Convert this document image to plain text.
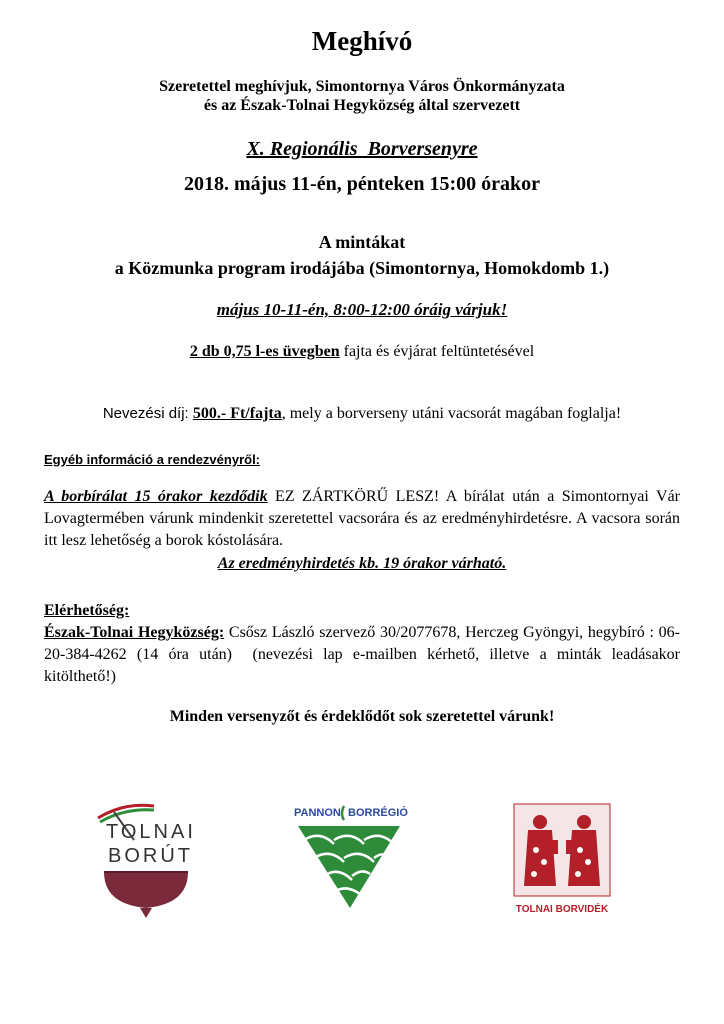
Meghívó
Szeretettel meghívjuk, Simontornya Város Önkormányzata
és az Észak-Tolnai Hegyközség által szervezett
X. Regionális  Borversenyre
2018. május 11-én, pénteken 15:00 órakor
A mintákat
a Közmunka program irodájába (Simontornya, Homokdomb 1.)
május 10-11-én, 8:00-12:00 óráig várjuk!
2 db 0,75 l-es üvegben fajta és évjárat feltüntetésével
Nevezési díj: 500.- Ft/fajta, mely a borverseny utáni vacsorát magában foglalja!
Egyéb információ a rendezvényről:
A borbírálat 15 órakor kezdődik EZ ZÁRTKÖRŰ LESZ! A bírálat után a Simontornyai Vár Lovagtermében várunk mindenkit szeretettel vacsorára és az eredményhirdetésre. A vacsora során itt lesz lehetőség a borok kóstolására.
Az eredményhirdetés kb. 19 órakor várható.
Elérhetőség:
Észak-Tolnai Hegyközség: Csősz László szervező 30/2077678, Herczeg Gyöngyi, hegybíró : 06-20-384-4262 (14 óra után)  (nevezési lap e-mailben kérhető, illetve a minták leadásakor kitölthető!)
Minden versenyzőt és érdeklődőt sok szeretettel várunk!
TOLNAI
BORÚT
PANNON BORRÉGIÓ
TOLNAI BORVIDÉK
